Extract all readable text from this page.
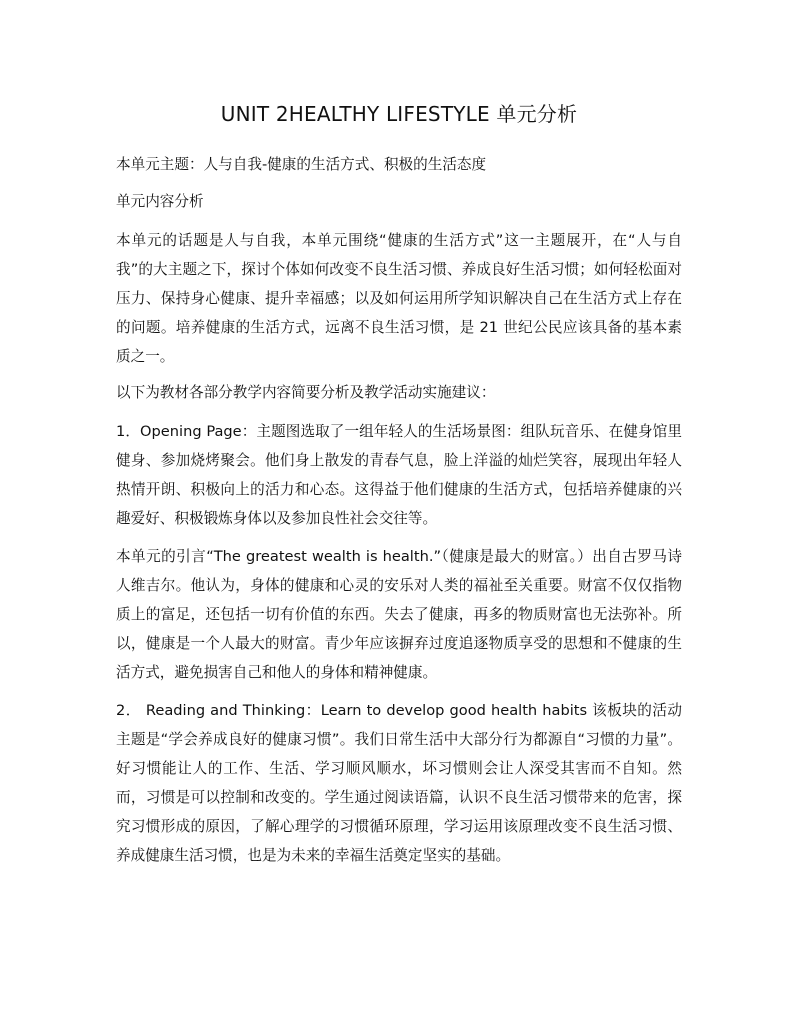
UNIT 2HEALTHY LIFESTYLE 单元分析

本单元主题：人与自我-健康的生活方式、积极的生活态度

单元内容分析

本单元的话题是人与自我，本单元围绕“健康的生活方式”这一主题展开，在“人与自我”的大主题之下，探讨个体如何改变不良生活习惯、养成良好生活习惯；如何轻松面对压力、保持身心健康、提升幸福感；以及如何运用所学知识解决自己在生活方式上存在的问题。培养健康的生活方式，远离不良生活习惯，是 21 世纪公民应该具备的基本素质之一。

以下为教材各部分教学内容简要分析及教学活动实施建议：

1．Opening Page：主题图选取了一组年轻人的生活场景图：组队玩音乐、在健身馆里健身、参加烧烤聚会。他们身上散发的青春气息，脸上洋溢的灿烂笑容，展现出年轻人热情开朗、积极向上的活力和心态。这得益于他们健康的生活方式，包括培养健康的兴趣爱好、积极锻炼身体以及参加良性社会交往等。

本单元的引言“The greatest wealth is health.”（健康是最大的财富。）出自古罗马诗人维吉尔。他认为，身体的健康和心灵的安乐对人类的福祉至关重要。财富不仅仅指物质上的富足，还包括一切有价值的东西。失去了健康，再多的物质财富也无法弥补。所以，健康是一个人最大的财富。青少年应该摒弃过度追逐物质享受的思想和不健康的生活方式，避免损害自己和他人的身体和精神健康。

2． Reading and Thinking：Learn to develop good health habits 该板块的活动主题是“学会养成良好的健康习惯”。我们日常生活中大部分行为都源自“习惯的力量”。好习惯能让人的工作、生活、学习顺风顺水，坏习惯则会让人深受其害而不自知。然而，习惯是可以控制和改变的。学生通过阅读语篇，认识不良生活习惯带来的危害，探究习惯形成的原因，了解心理学的习惯循环原理，学习运用该原理改变不良生活习惯、养成健康生活习惯，也是为未来的幸福生活奠定坚实的基础。
